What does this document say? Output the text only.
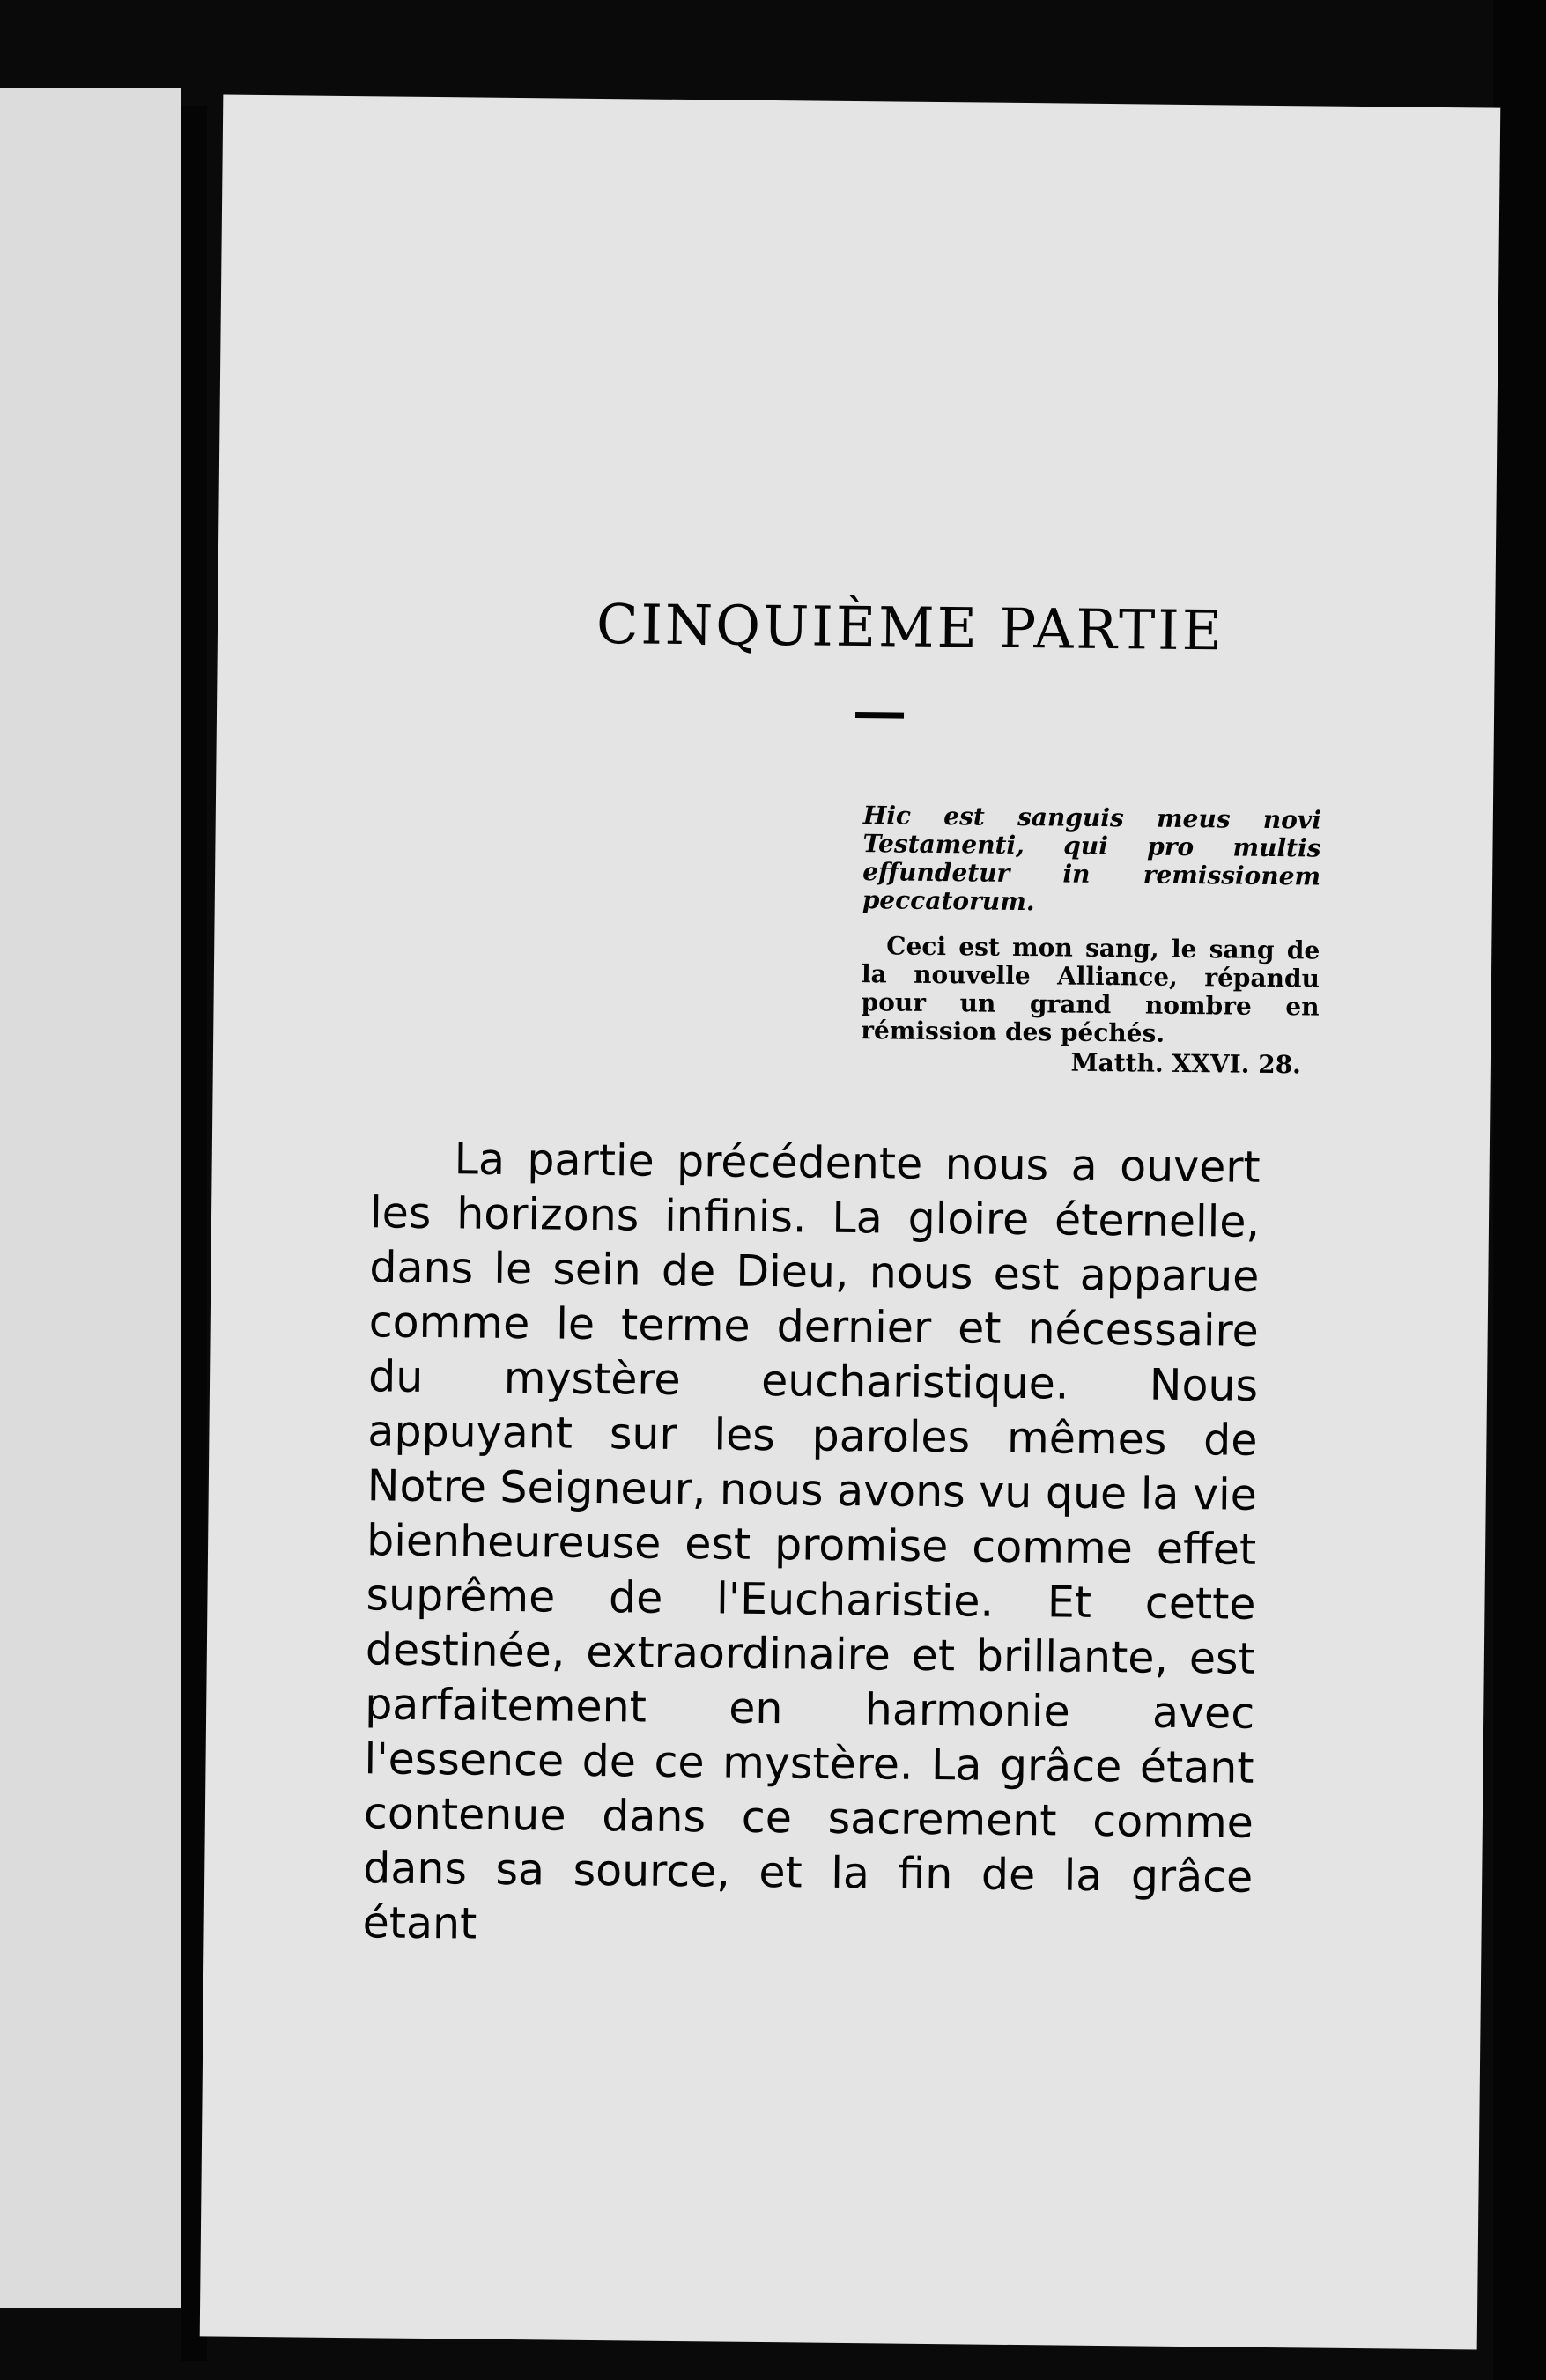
CINQUIÈME PARTIE

Hic est sanguis meus novi Testamenti, qui pro multis effundetur in remissionem peccatorum.

Ceci est mon sang, le sang de la nouvelle Alliance, répandu pour un grand nombre en rémission des péchés.

Matth. XXVI. 28.

La partie précédente nous a ouvert les horizons infinis. La gloire éternelle, dans le sein de Dieu, nous est apparue comme le terme dernier et nécessaire du mystère eucharistique. Nous appuyant sur les paroles mêmes de Notre Seigneur, nous avons vu que la vie bienheureuse est promise comme effet suprême de l'Eucharistie. Et cette destinée, extraordinaire et brillante, est parfaitement en harmonie avec l'essence de ce mystère. La grâce étant contenue dans ce sacrement comme dans sa source, et la fin de la grâce étant
